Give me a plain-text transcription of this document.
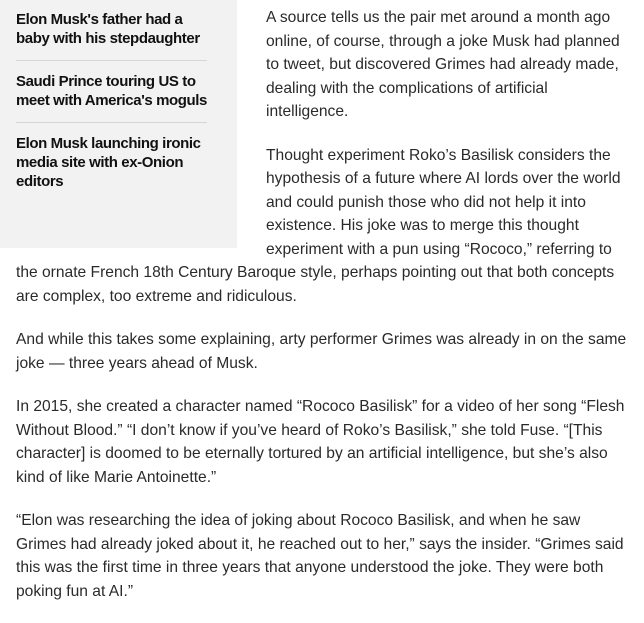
Elon Musk's father had a baby with his stepdaughter
Saudi Prince touring US to meet with America's moguls
Elon Musk launching ironic media site with ex-Onion editors

A source tells us the pair met around a month ago online, of course, through a joke Musk had planned to tweet, but discovered Grimes had already made, dealing with the complications of artificial intelligence.

Thought experiment Roko’s Basilisk considers the hypothesis of a future where AI lords over the world and could punish those who did not help it into existence. His joke was to merge this thought experiment with a pun using “Rococo,” referring to the ornate French 18th Century Baroque style, perhaps pointing out that both concepts are complex, too extreme and ridiculous.

And while this takes some explaining, arty performer Grimes was already in on the same joke — three years ahead of Musk.

In 2015, she created a character named “Rococo Basilisk” for a video of her song “Flesh Without Blood.” “I don’t know if you’ve heard of Roko’s Basilisk,” she told Fuse. “[This character] is doomed to be eternally tortured by an artificial intelligence, but she’s also kind of like Marie Antoinette.”

“Elon was researching the idea of joking about Rococo Basilisk, and when he saw Grimes had already joked about it, he reached out to her,” says the insider. “Grimes said this was the first time in three years that anyone understood the joke. They were both poking fun at AI.”
